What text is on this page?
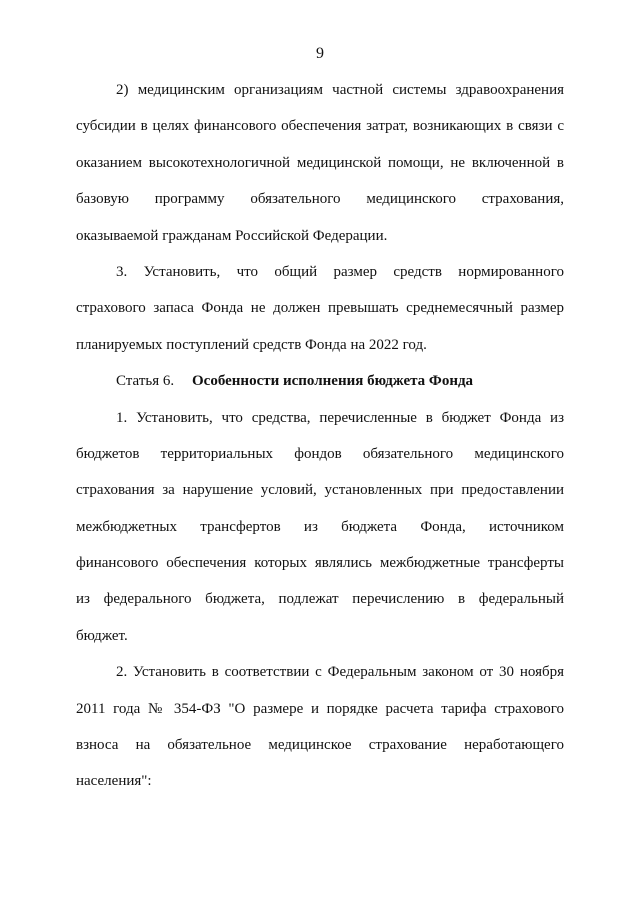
9
2) медицинским организациям частной системы здравоохранения
субсидии в целях финансового обеспечения затрат, возникающих в связи с
оказанием высокотехнологичной медицинской помощи, не включенной в
базовую программу обязательного медицинского страхования,
оказываемой гражданам Российской Федерации.
3. Установить, что общий размер средств нормированного
страхового запаса Фонда не должен превышать среднемесячный размер
планируемых поступлений средств Фонда на 2022 год.
Статья 6. Особенности исполнения бюджета Фонда
1. Установить, что средства, перечисленные в бюджет Фонда из
бюджетов территориальных фондов обязательного медицинского
страхования за нарушение условий, установленных при предоставлении
межбюджетных трансфертов из бюджета Фонда, источником
финансового обеспечения которых являлись межбюджетные трансферты
из федерального бюджета, подлежат перечислению в федеральный
бюджет.
2. Установить в соответствии с Федеральным законом от 30 ноября
2011 года № 354-ФЗ "О размере и порядке расчета тарифа страхового
взноса на обязательное медицинское страхование неработающего
населения":
